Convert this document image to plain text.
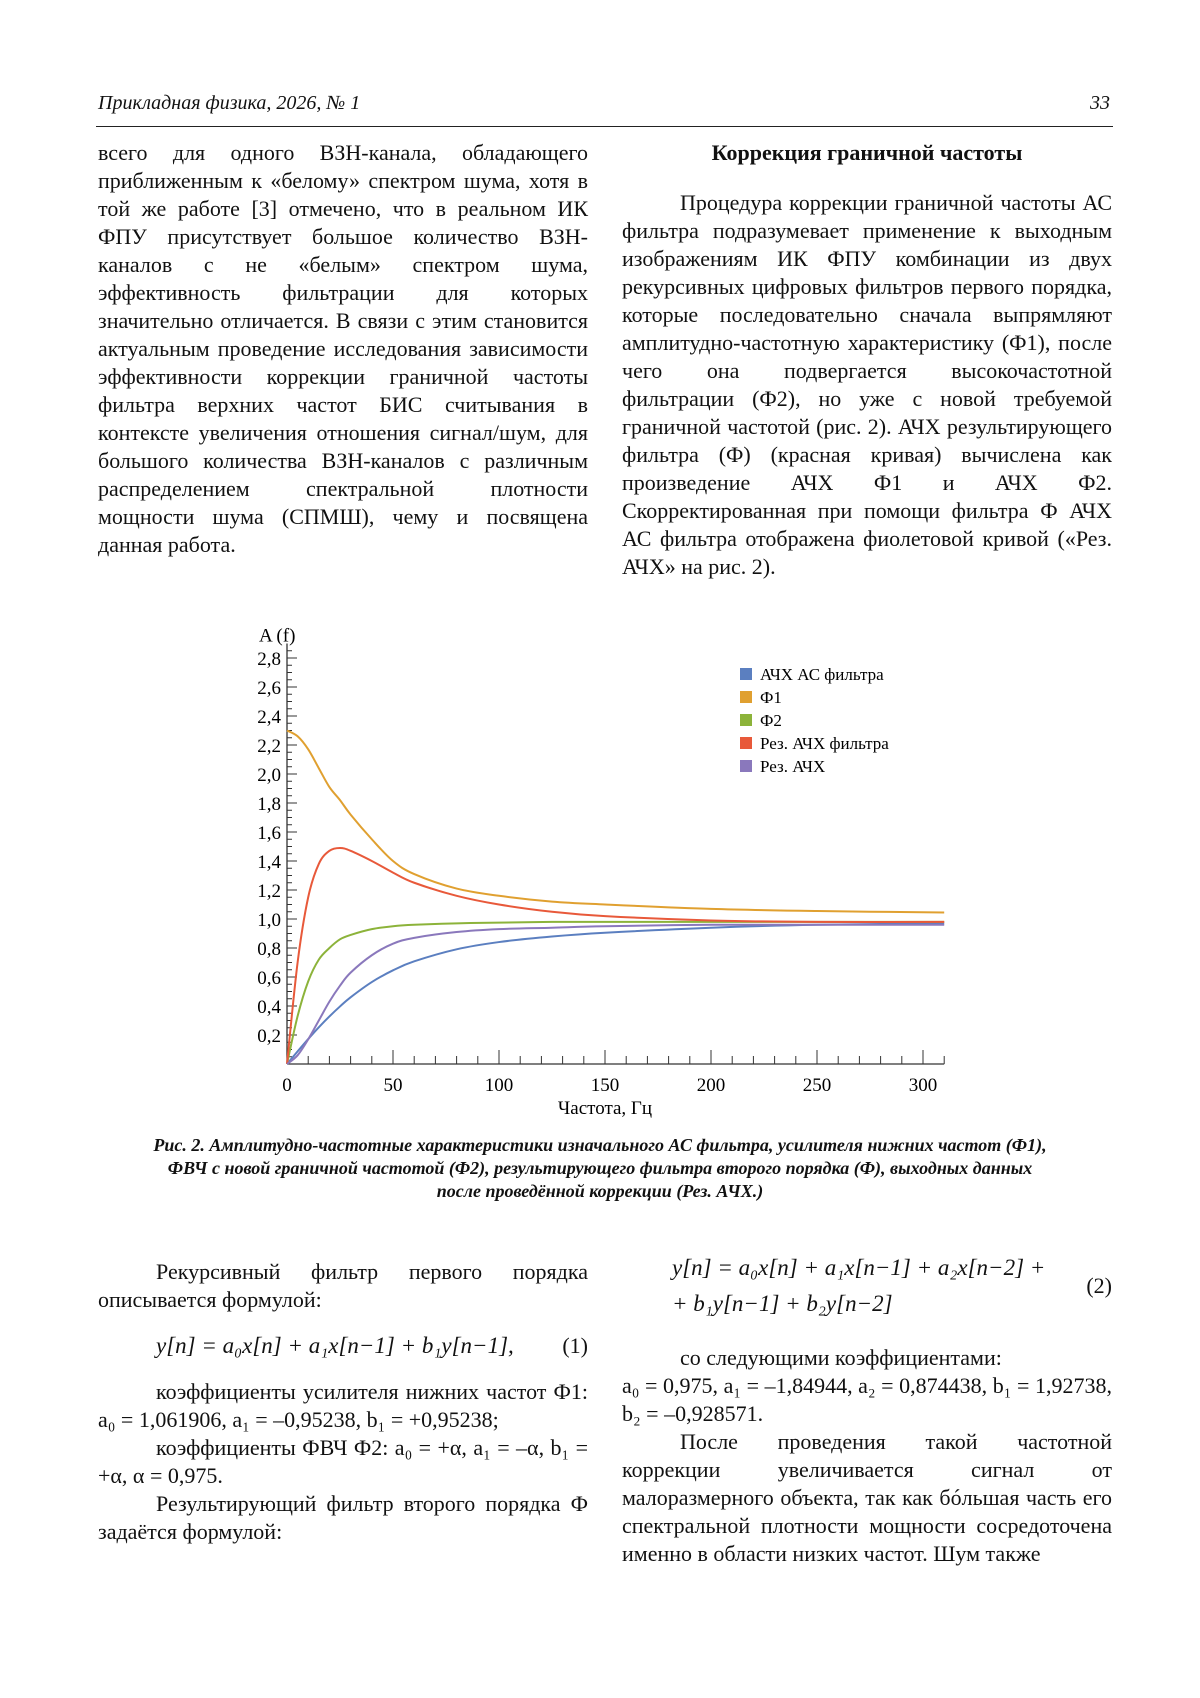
Прикладная физика, 2026, № 1	33

всего для одного ВЗН-канала, обладающего приближенным к «белому» спектром шума, хотя в той же работе [3] отмечено, что в реальном ИК ФПУ присутствует большое количество ВЗН-каналов с не «белым» спектром шума, эффективность фильтрации для которых значительно отличается. В связи с этим становится актуальным проведение исследования зависимости эффективности коррекции граничной частоты фильтра верхних частот БИС считывания в контексте увеличения отношения сигнал/шум, для большого количества ВЗН-каналов с различным распределением спектральной плотности мощности шума (СПМШ), чему и посвящена данная работа.

Коррекция граничной частоты

Процедура коррекции граничной частоты АС фильтра подразумевает применение к выходным изображениям ИК ФПУ комбинации из двух рекурсивных цифровых фильтров первого порядка, которые последовательно сначала выпрямляют амплитудно-частотную характеристику (Ф1), после чего она подвергается высокочастотной фильтрации (Ф2), но уже с новой требуемой граничной частотой (рис. 2). АЧХ результирующего фильтра (Ф) (красная кривая) вычислена как произведение АЧХ Ф1 и АЧХ Ф2. Скорректированная при помощи фильтра Ф АЧХ АС фильтра отображена фиолетовой кривой («Рез. АЧХ» на рис. 2).

0,2
0,4
0,6
0,8
1,0
1,2
1,4
1,6
1,8
2,0
2,2
2,4
2,6
2,8
0	50	100	150	200	250	300
A (f)
Частота, Гц
АЧХ АС фильтра
Ф1
Ф2
Рез. АЧХ фильтра
Рез. АЧХ
Рис. 2. Амплитудно-частотные характеристики изначального АС фильтра, усилителя нижних частот (Ф1), ФВЧ с новой граничной частотой (Ф2), результирующего фильтра второго порядка (Ф), выходных данных после проведённой коррекции (Рез. АЧХ.)

Рекурсивный фильтр первого порядка описывается формулой:

y[n] = a₀x[n] + a₁x[n−1] + b₁y[n−1], (1)

коэффициенты усилителя нижних частот Ф1: a₀ = 1,061906, a₁ = –0,95238, b₁ = +0,95238;

коэффициенты ФВЧ Ф2: a₀ = +α, a₁ = –α, b₁ = +α, α = 0,975.

Результирующий фильтр второго порядка Ф задаётся формулой:

y[n] = a₀x[n] + a₁x[n−1] + a₂x[n−2] +
+ b₁y[n−1] + b₂y[n−2]
(2)

со следующими коэффициентами:

a₀ = 0,975, a₁ = –1,84944, a₂ = 0,874438, b₁ = 1,92738, b₂ = –0,928571.

После проведения такой частотной коррекции увеличивается сигнал от малоразмерного объекта, так как бóльшая часть его спектральной плотности мощности сосредоточена именно в области низких частот. Шум также
